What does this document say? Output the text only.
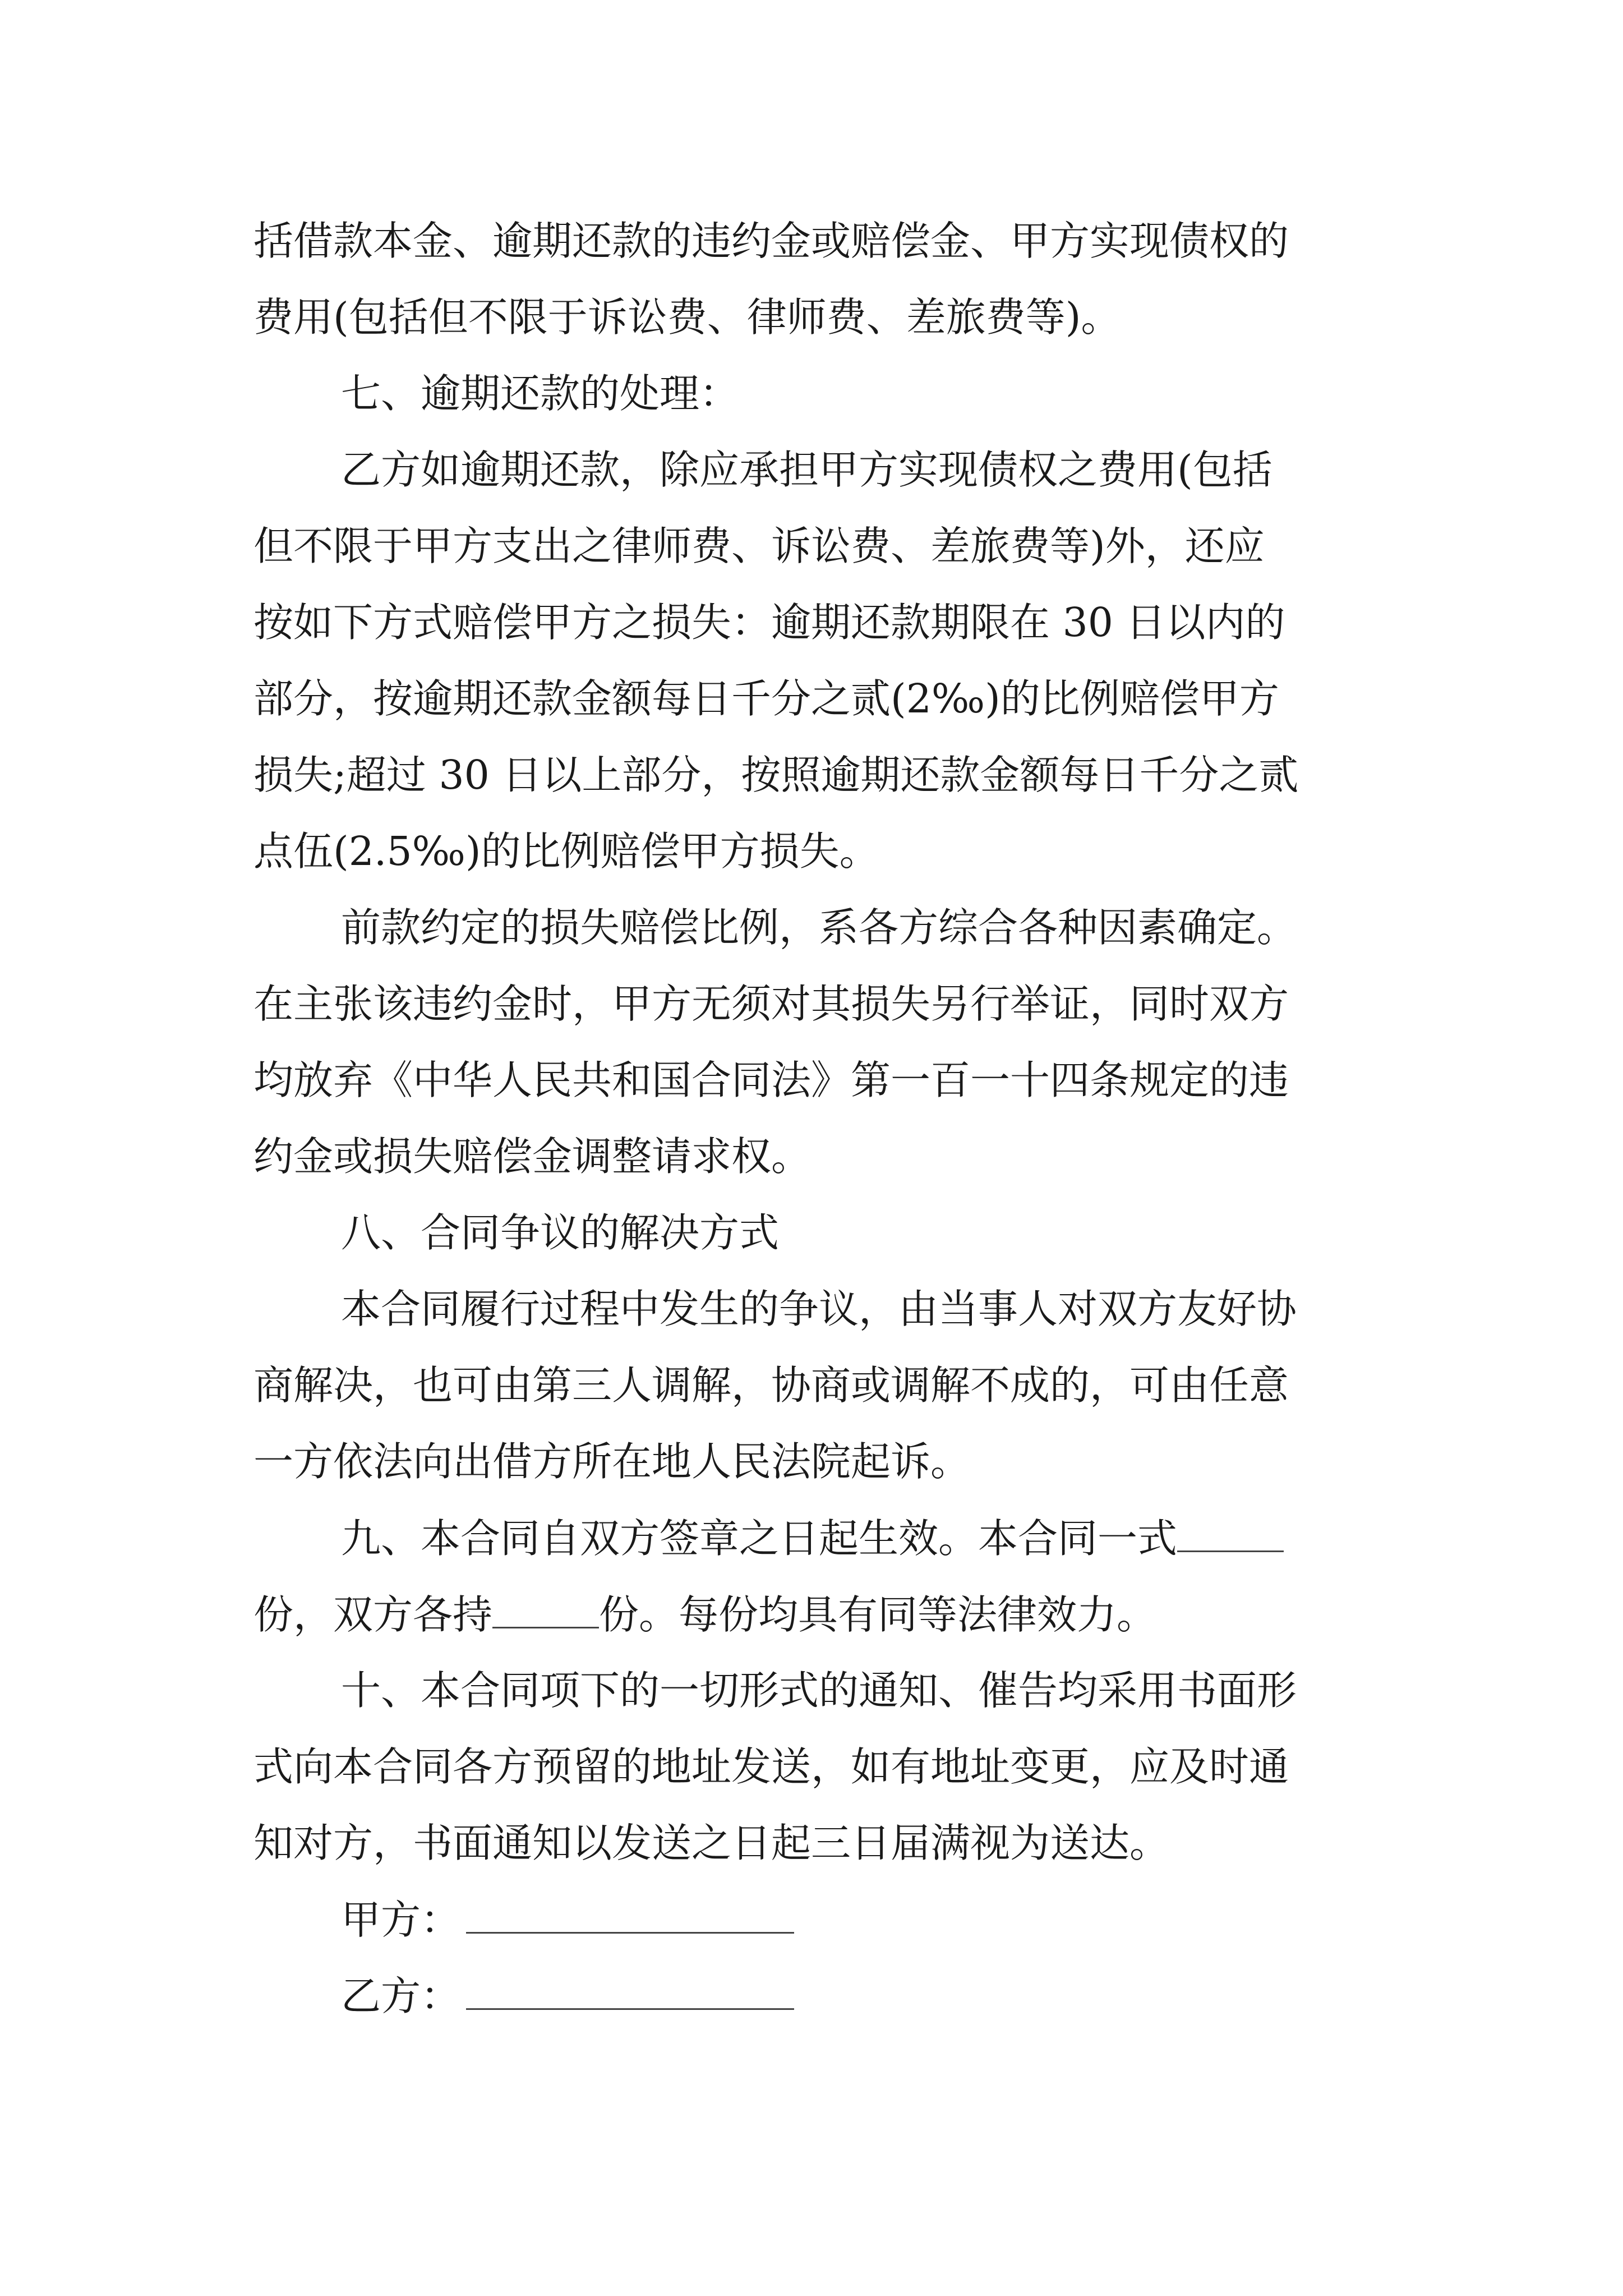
括借款本金、逾期还款的违约金或赔偿金、甲方实现债权的

费用(包括但不限于诉讼费、律师费、差旅费等)。

七、逾期还款的处理：

乙方如逾期还款，除应承担甲方实现债权之费用(包括

但不限于甲方支出之律师费、诉讼费、差旅费等)外，还应

按如下方式赔偿甲方之损失：逾期还款期限在 30 日以内的

部分，按逾期还款金额每日千分之贰(2‰)的比例赔偿甲方

损失;超过 30 日以上部分，按照逾期还款金额每日千分之贰

点伍(2.5‰)的比例赔偿甲方损失。

前款约定的损失赔偿比例，系各方综合各种因素确定。

在主张该违约金时，甲方无须对其损失另行举证，同时双方

均放弃《中华人民共和国合同法》第一百一十四条规定的违

约金或损失赔偿金调整请求权。

八、合同争议的解决方式

本合同履行过程中发生的争议，由当事人对双方友好协

商解决，也可由第三人调解，协商或调解不成的，可由任意

一方依法向出借方所在地人民法院起诉。

九、本合同自双方签章之日起生效。本合同一式

份，双方各持	份。每份均具有同等法律效力。

十、本合同项下的一切形式的通知、催告均采用书面形

式向本合同各方预留的地址发送，如有地址变更，应及时通

知对方，书面通知以发送之日起三日届满视为送达。

甲方：

乙方：
